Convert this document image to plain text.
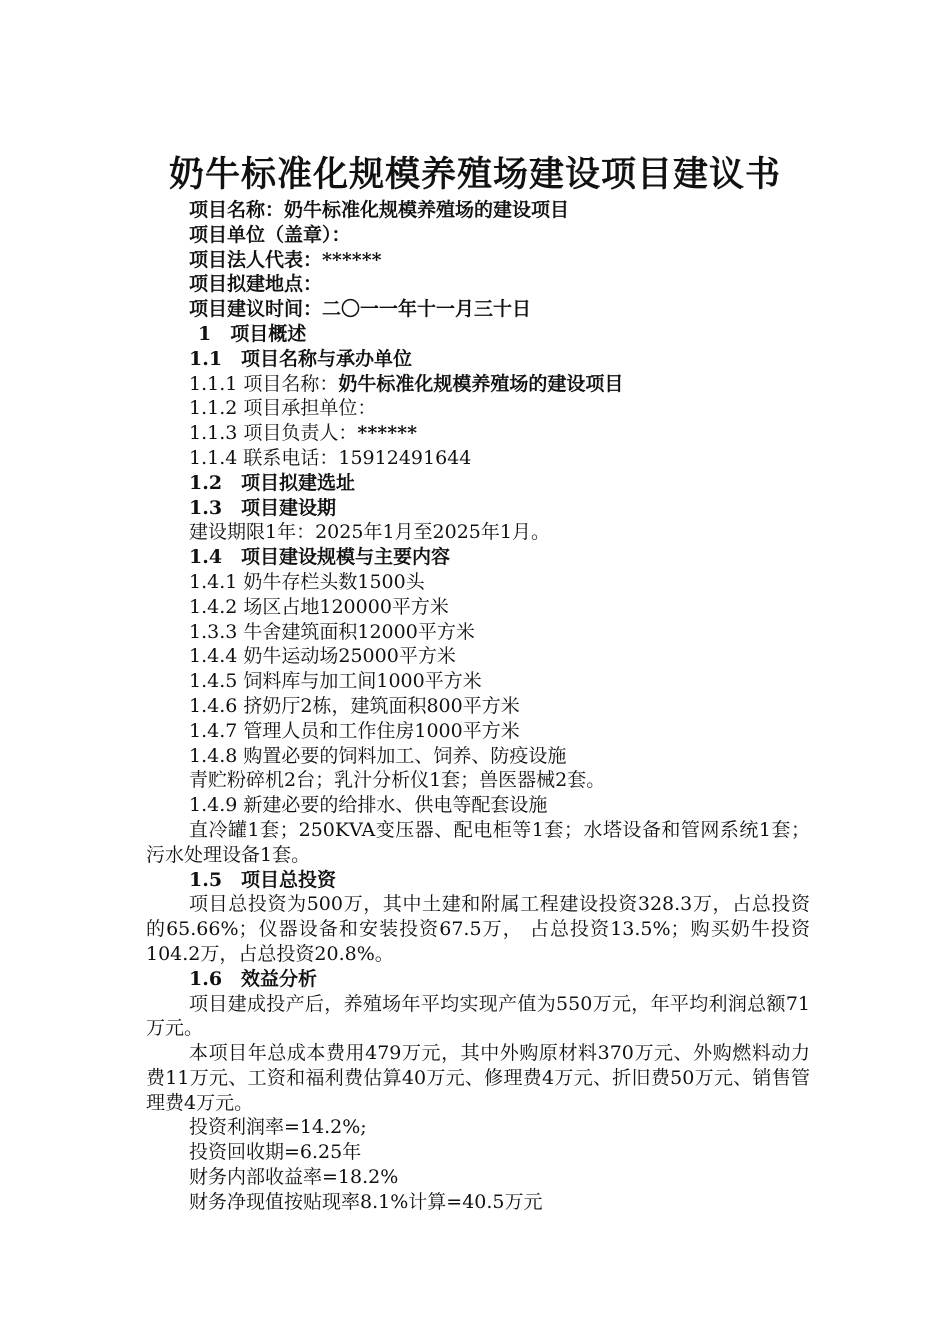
奶牛标准化规模养殖场建设项目建议书
项目名称：奶牛标准化规模养殖场的建设项目
项目单位（盖章）：
项目法人代表：******
项目拟建地点：
项目建议时间：二〇一一年十一月三十日
1　项目概述
1.1　项目名称与承办单位
1.1.1 项目名称：奶牛标准化规模养殖场的建设项目
1.1.2 项目承担单位：
1.1.3 项目负责人：******
1.1.4 联系电话：15912491644
1.2　项目拟建选址
1.3　项目建设期
建设期限1年：2025年1月至2025年1月。
1.4　项目建设规模与主要内容
1.4.1 奶牛存栏头数1500头
1.4.2 场区占地120000平方米
1.3.3 牛舍建筑面积12000平方米
1.4.4 奶牛运动场25000平方米
1.4.5 饲料库与加工间1000平方米
1.4.6 挤奶厅2栋，建筑面积800平方米
1.4.7 管理人员和工作住房1000平方米
1.4.8 购置必要的饲料加工、饲养、防疫设施
青贮粉碎机2台；乳汁分析仪1套；兽医器械2套。
1.4.9 新建必要的给排水、供电等配套设施
直冷罐1套；250KVA变压器、配电柜等1套；水塔设备和管网系统1套；污水处理设备1套。
1.5　项目总投资
项目总投资为500万，其中土建和附属工程建设投资328.3万，占总投资的65.66%；仪器设备和安装投资67.5万， 占总投资13.5%；购买奶牛投资104.2万，占总投资20.8%。
1.6　效益分析
项目建成投产后，养殖场年平均实现产值为550万元，年平均利润总额71万元。
本项目年总成本费用479万元，其中外购原材料370万元、外购燃料动力费11万元、工资和福利费估算40万元、修理费4万元、折旧费50万元、销售管理费4万元。
投资利润率=14.2%;
投资回收期=6.25年
财务内部收益率=18.2%
财务净现值按贴现率8.1%计算=40.5万元
